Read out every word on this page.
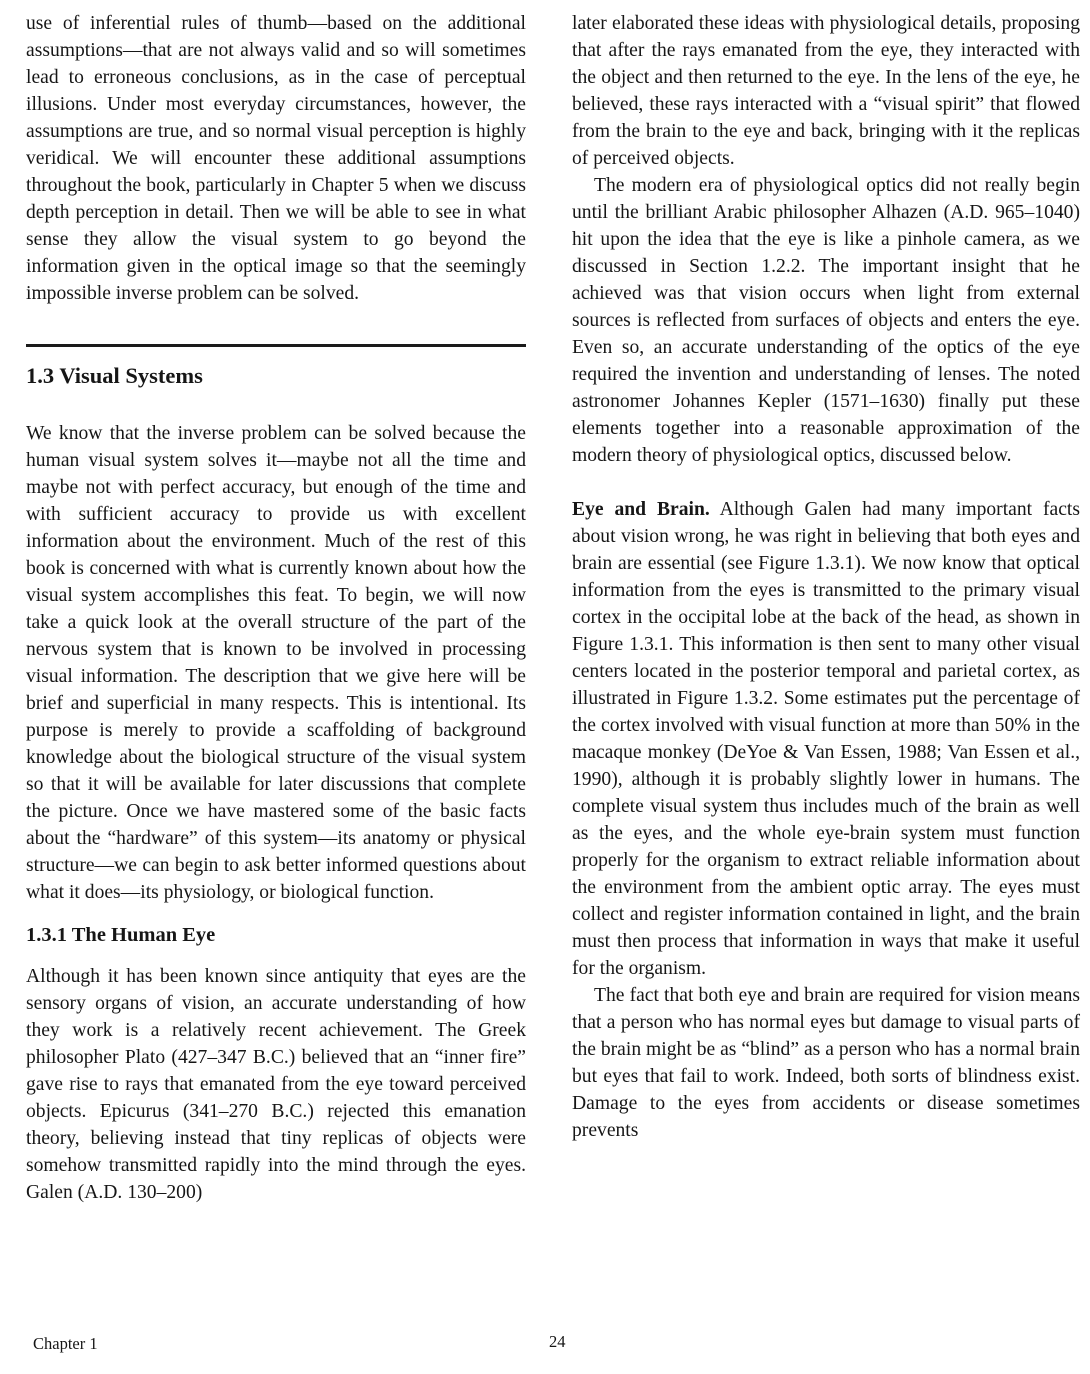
use of inferential rules of thumb—based on the additional assumptions—that are not always valid and so will sometimes lead to erroneous conclusions, as in the case of perceptual illusions. Under most everyday circumstances, however, the assumptions are true, and so normal visual perception is highly veridical. We will encounter these additional assumptions throughout the book, particularly in Chapter 5 when we discuss depth perception in detail. Then we will be able to see in what sense they allow the visual system to go beyond the information given in the optical image so that the seemingly impossible inverse problem can be solved.

1.3 Visual Systems

We know that the inverse problem can be solved because the human visual system solves it—maybe not all the time and maybe not with perfect accuracy, but enough of the time and with sufficient accuracy to provide us with excellent information about the environment. Much of the rest of this book is concerned with what is currently known about how the visual system accomplishes this feat. To begin, we will now take a quick look at the overall structure of the part of the nervous system that is known to be involved in processing visual information. The description that we give here will be brief and superficial in many respects. This is intentional. Its purpose is merely to provide a scaffolding of background knowledge about the biological structure of the visual system so that it will be available for later discussions that complete the picture. Once we have mastered some of the basic facts about the “hardware” of this system—its anatomy or physical structure—we can begin to ask better informed questions about what it does—its physiology, or biological function.

1.3.1 The Human Eye

Although it has been known since antiquity that eyes are the sensory organs of vision, an accurate understanding of how they work is a relatively recent achievement. The Greek philosopher Plato (427–347 B.C.) believed that an “inner fire” gave rise to rays that emanated from the eye toward perceived objects. Epicurus (341–270 B.C.) rejected this emanation theory, believing instead that tiny replicas of objects were somehow transmitted rapidly into the mind through the eyes. Galen (A.D. 130–200)

later elaborated these ideas with physiological details, proposing that after the rays emanated from the eye, they interacted with the object and then returned to the eye. In the lens of the eye, he believed, these rays interacted with a “visual spirit” that flowed from the brain to the eye and back, bringing with it the replicas of perceived objects.

The modern era of physiological optics did not really begin until the brilliant Arabic philosopher Alhazen (A.D. 965–1040) hit upon the idea that the eye is like a pinhole camera, as we discussed in Section 1.2.2. The important insight that he achieved was that vision occurs when light from external sources is reflected from surfaces of objects and enters the eye. Even so, an accurate understanding of the optics of the eye required the invention and understanding of lenses. The noted astronomer Johannes Kepler (1571–1630) finally put these elements together into a reasonable approximation of the modern theory of physiological optics, discussed below.

Eye and Brain. Although Galen had many important facts about vision wrong, he was right in believing that both eyes and brain are essential (see Figure 1.3.1). We now know that optical information from the eyes is transmitted to the primary visual cortex in the occipital lobe at the back of the head, as shown in Figure 1.3.1. This information is then sent to many other visual centers located in the posterior temporal and parietal cortex, as illustrated in Figure 1.3.2. Some estimates put the percentage of the cortex involved with visual function at more than 50% in the macaque monkey (DeYoe & Van Essen, 1988; Van Essen et al., 1990), although it is probably slightly lower in humans. The complete visual system thus includes much of the brain as well as the eyes, and the whole eye-brain system must function properly for the organism to extract reliable information about the environment from the ambient optic array. The eyes must collect and register information contained in light, and the brain must then process that information in ways that make it useful for the organism.

The fact that both eye and brain are required for vision means that a person who has normal eyes but damage to visual parts of the brain might be as “blind” as a person who has a normal brain but eyes that fail to work. Indeed, both sorts of blindness exist. Damage to the eyes from accidents or disease sometimes prevents

Chapter 1	24
